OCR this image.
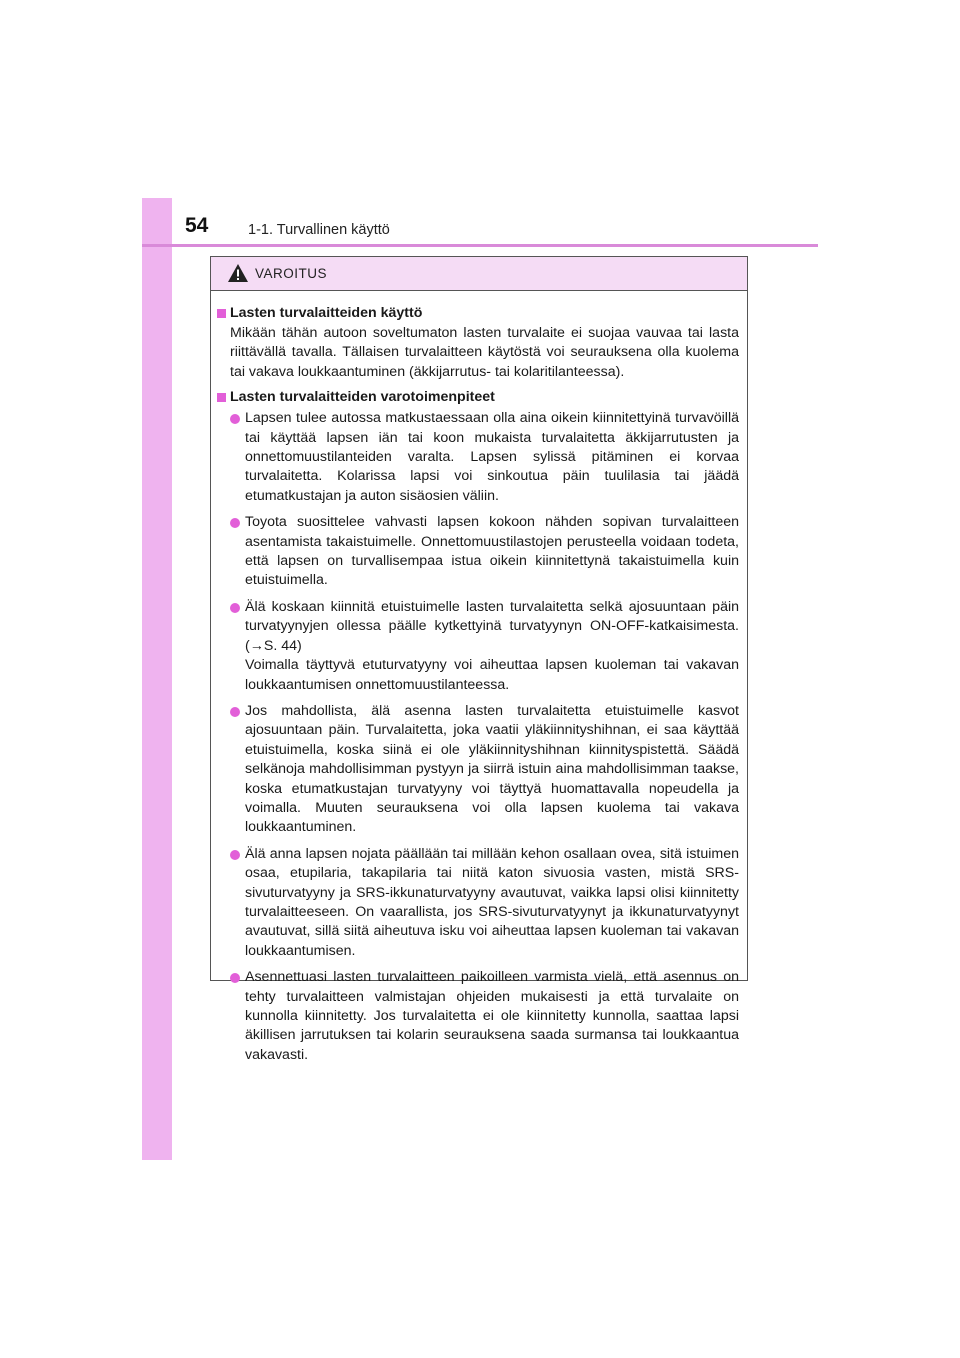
54	1-1. Turvallinen käyttö
VAROITUS
Lasten turvalaitteiden käyttö
Mikään tähän autoon soveltumaton lasten turvalaite ei suojaa vauvaa tai lasta riittävällä tavalla. Tällaisen turvalaitteen käytöstä voi seurauksena olla kuolema tai vakava loukkaantuminen (äkkijarrutus- tai kolaritilanteessa).
Lasten turvalaitteiden varotoimenpiteet
Lapsen tulee autossa matkustaessaan olla aina oikein kiinnitettyinä turvavöillä tai käyttää lapsen iän tai koon mukaista turvalaitetta äkkijarrutusten ja onnettomuustilanteiden varalta. Lapsen sylissä pitäminen ei korvaa turvalaitetta. Kolarissa lapsi voi sinkoutua päin tuulilasia tai jäädä etumatkustajan ja auton sisäosien väliin.
Toyota suosittelee vahvasti lapsen kokoon nähden sopivan turvalaitteen asentamista takaistuimelle. Onnettomuustilastojen perusteella voidaan todeta, että lapsen on turvallisempaa istua oikein kiinnitettynä takaistuimella kuin etuistuimella.
Älä koskaan kiinnitä etuistuimelle lasten turvalaitetta selkä ajosuuntaan päin turvatyynyjen ollessa päälle kytkettyinä turvatyynyn ON-OFF-katkaisimesta. (→S. 44)
Voimalla täyttyvä etuturvatyyny voi aiheuttaa lapsen kuoleman tai vakavan loukkaantumisen onnettomuustilanteessa.
Jos mahdollista, älä asenna lasten turvalaitetta etuistuimelle kasvot ajosuuntaan päin. Turvalaitetta, joka vaatii yläkiinnityshihnan, ei saa käyttää etuistuimella, koska siinä ei ole yläkiinnityshihnan kiinnityspistettä. Säädä selkänoja mahdollisimman pystyyn ja siirrä istuin aina mahdollisimman taakse, koska etumatkustajan turvatyyny voi täyttyä huomattavalla nopeudella ja voimalla. Muuten seurauksena voi olla lapsen kuolema tai vakava loukkaantuminen.
Älä anna lapsen nojata päällään tai millään kehon osallaan ovea, sitä istuimen osaa, etupilaria, takapilaria tai niitä katon sivuosia vasten, mistä SRS-sivuturvatyyny ja SRS-ikkunaturvatyyny avautuvat, vaikka lapsi olisi kiinnitetty turvalaitteeseen. On vaarallista, jos SRS-sivuturvatyynyt ja ikkunaturvatyynyt avautuvat, sillä siitä aiheutuva isku voi aiheuttaa lapsen kuoleman tai vakavan loukkaantumisen.
Asennettuasi lasten turvalaitteen paikoilleen varmista vielä, että asennus on tehty turvalaitteen valmistajan ohjeiden mukaisesti ja että turvalaite on kunnolla kiinnitetty. Jos turvalaitetta ei ole kiinnitetty kunnolla, saattaa lapsi äkillisen jarrutuksen tai kolarin seurauksena saada surmansa tai loukkaantua vakavasti.
